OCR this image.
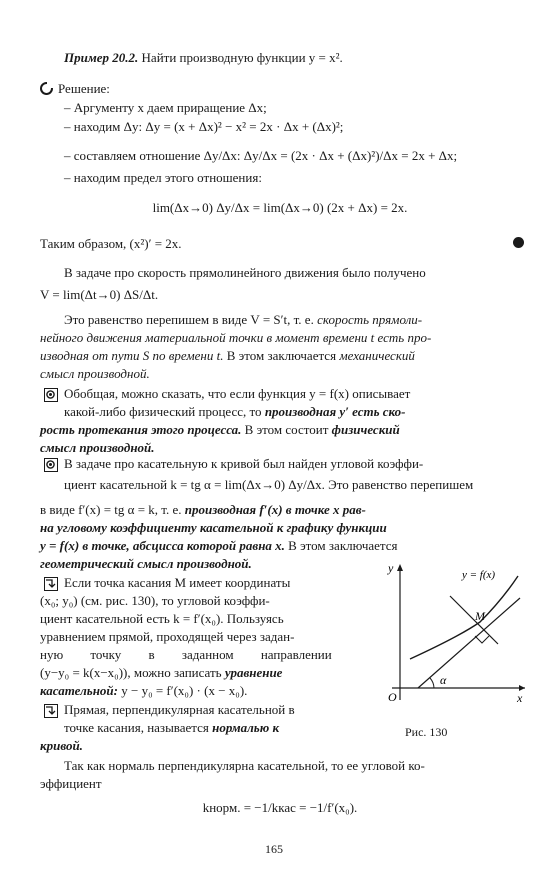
Пример 20.2. Найти производную функции y = x².
Решение:
– Аргументу x даем приращение Δx;
– находим Δy: Δy = (x + Δx)² − x² = 2x · Δx + (Δx)²;
– составляем отношение Δy/Δx: Δy/Δx = (2x · Δx + (Δx)²)/Δx = 2x + Δx;
– находим предел этого отношения:
lim(Δx→0) Δy/Δx = lim(Δx→0) (2x + Δx) = 2x.
Таким образом, (x²)′ = 2x.
В задаче про скорость прямолинейного движения было получено
V = lim(Δt→0) ΔS/Δt.
Это равенство перепишем в виде V = S′t, т. е. скорость прямоли-
нейного движения материальной точки в момент времени t есть про-
изводная от пути S по времени t. В этом заключается механический
смысл производной.
Обобщая, можно сказать, что если функция y = f(x) описывает
какой-либо физический процесс, то производная y′ есть ско-
рость протекания этого процесса. В этом состоит физический
смысл производной.
В задаче про касательную к кривой был найден угловой коэффи-
циент касательной k = tg α = lim(Δx→0) Δy/Δx. Это равенство перепишем
в виде f′(x) = tg α = k, т. е. производная f′(x) в точке x рав-
на угловому коэффициенту касательной к графику функции
y = f(x) в точке, абсцисса которой равна x. В этом заключается
геометрический смысл производной.
Если точка касания M имеет координаты
(x₀; y₀) (см. рис. 130), то угловой коэффи-
циент касательной есть k = f′(x₀). Пользуясь
уравнением прямой, проходящей через задан-
ную точку в заданном направлении
(y−y₀ = k(x−x₀)), можно записать уравнение
касательной: y − y₀ = f′(x₀) · (x − x₀).
Прямая, перпендикулярная касательной в
точке касания, называется нормалью к
кривой.
Так как нормаль перпендикулярна касательной, то ее угловой ко-
эффициент
kнорм. = −1/kкас = −1/f′(x₀).
y
x
O
y = f(x)
M
α
Рис. 130
165
